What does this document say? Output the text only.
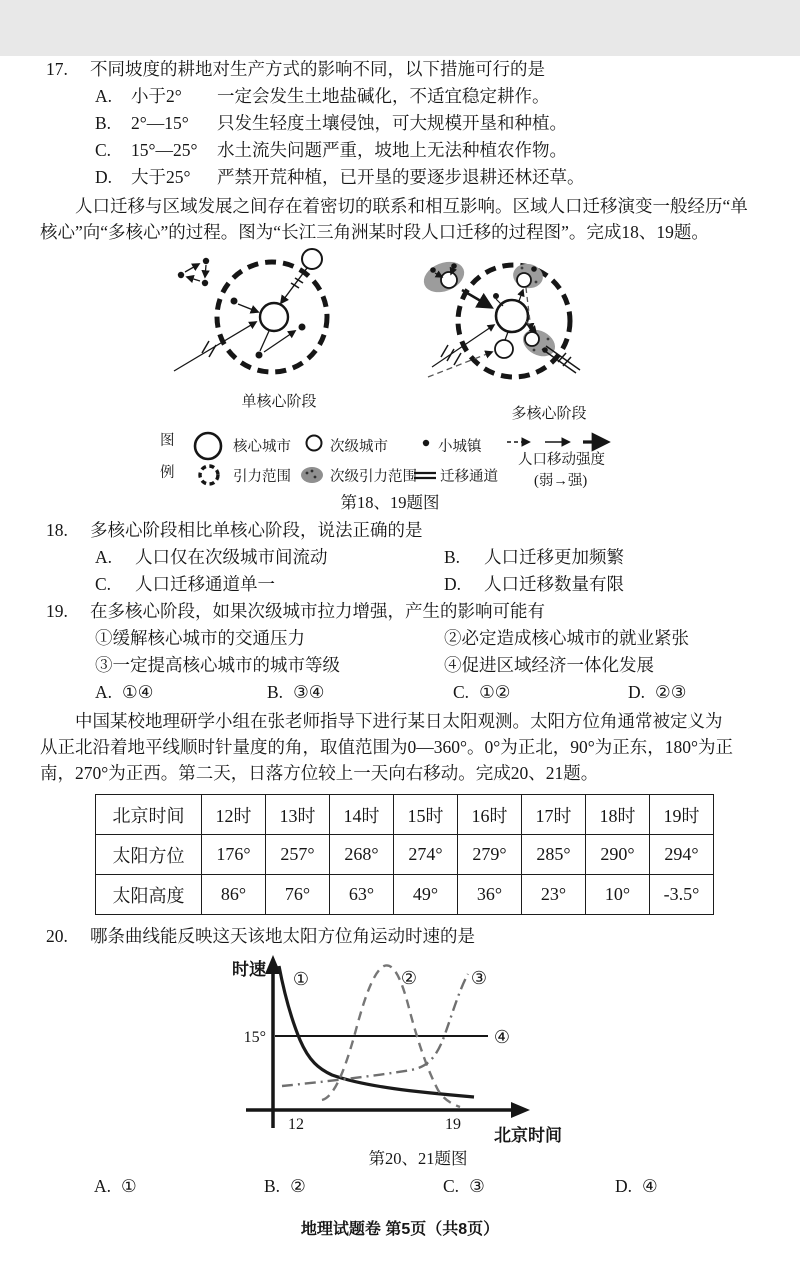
17.	不同坡度的耕地对生产方式的影响不同，以下措施可行的是
A.	小于2°	一定会发生土地盐碱化，不适宜稳定耕作。
B.	2°—15°	只发生轻度土壤侵蚀，可大规模开垦和种植。
C.	15°—25°	水土流失问题严重，坡地上无法种植农作物。
D.	大于25°	严禁开荒种植，已开垦的要逐步退耕还林还草。
人口迁移与区域发展之间存在着密切的联系和相互影响。区域人口迁移演变一般经历“单
核心”向“多核心”的过程。图为“长江三角洲某时段人口迁移的过程图”。完成18、19题。
单核心阶段
多核心阶段
图
例
核心城市
引力范围
次级城市
次级引力范围
小城镇
迁移通道
人口移动强度
(弱→强)
第18、19题图
18.	多核心阶段相比单核心阶段，说法正确的是
A.	人口仅在次级城市间流动	B.	人口迁移更加频繁
C.	人口迁移通道单一	D.	人口迁移数量有限
19.	在多核心阶段，如果次级城市拉力增强，产生的影响可能有
①缓解核心城市的交通压力	②必定造成核心城市的就业紧张
③一定提高核心城市的城市等级	④促进区域经济一体化发展
A. ①④	B. ③④	C. ①②	D. ②③
中国某校地理研学小组在张老师指导下进行某日太阳观测。太阳方位角通常被定义为
从正北沿着地平线顺时针量度的角，取值范围为0—360°。0°为正北，90°为正东，180°为正
南，270°为正西。第二天，日落方位较上一天向右移动。完成20、21题。
北京时间	12时	13时	14时	15时	16时	17时	18时	19时
太阳方位	176°	257°	268°	274°	279°	285°	290°	294°
太阳高度	86°	76°	63°	49°	36°	23°	10°	-3.5°
20.	哪条曲线能反映这天该地太阳方位角运动时速的是
时速
15°
①	②	③
④
12	19
北京时间
第20、21题图
A. ①	B. ②	C. ③	D. ④
地理试题卷 第5页（共8页）
